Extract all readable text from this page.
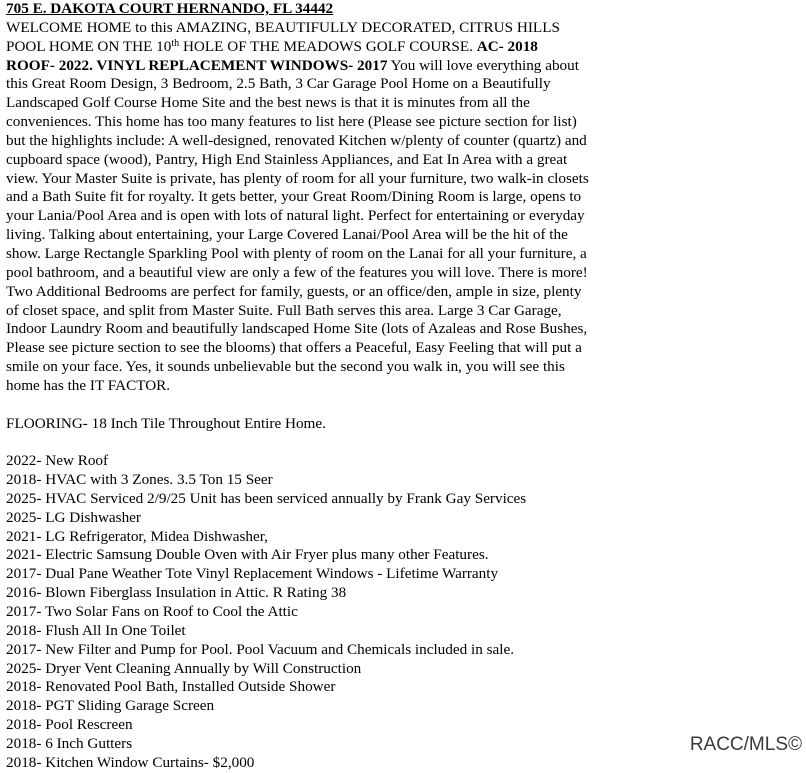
705 E. DAKOTA COURT HERNANDO, FL 34442

WELCOME HOME to this AMAZING, BEAUTIFULLY DECORATED, CITRUS HILLS

POOL HOME ON THE 10th HOLE OF THE MEADOWS GOLF COURSE. AC- 2018

ROOF- 2022. VINYL REPLACEMENT WINDOWS- 2017 You will love everything about

this Great Room Design, 3 Bedroom, 2.5 Bath, 3 Car Garage Pool Home on a Beautifully

Landscaped Golf Course Home Site and the best news is that it is minutes from all the

conveniences. This home has too many features to list here (Please see picture section for list)

but the highlights include: A well-designed, renovated Kitchen w/plenty of counter (quartz) and

cupboard space (wood), Pantry, High End Stainless Appliances, and Eat In Area with a great

view. Your Master Suite is private, has plenty of room for all your furniture, two walk-in closets

and a Bath Suite fit for royalty. It gets better, your Great Room/Dining Room is large, opens to

your Lania/Pool Area and is open with lots of natural light. Perfect for entertaining or everyday

living. Talking about entertaining, your Large Covered Lanai/Pool Area will be the hit of the

show. Large Rectangle Sparkling Pool with plenty of room on the Lanai for all your furniture, a

pool bathroom, and a beautiful view are only a few of the features you will love. There is more!

Two Additional Bedrooms are perfect for family, guests, or an office/den, ample in size, plenty

of closet space, and split from Master Suite. Full Bath serves this area. Large 3 Car Garage,

Indoor Laundry Room and beautifully landscaped Home Site (lots of Azaleas and Rose Bushes,

Please see picture section to see the blooms) that offers a Peaceful, Easy Feeling that will put a

smile on your face. Yes, it sounds unbelievable but the second you walk in, you will see this

home has the IT FACTOR.

FLOORING- 18 Inch Tile Throughout Entire Home.
2022- New Roof
2018- HVAC with 3 Zones. 3.5 Ton 15 Seer
2025- HVAC Serviced 2/9/25 Unit has been serviced annually by Frank Gay Services
2025- LG Dishwasher
2021- LG Refrigerator, Midea Dishwasher,
2021- Electric Samsung Double Oven with Air Fryer plus many other Features.
2017- Dual Pane Weather Tote Vinyl Replacement Windows - Lifetime Warranty
2016- Blown Fiberglass Insulation in Attic. R Rating 38
2017- Two Solar Fans on Roof to Cool the Attic
2018- Flush All In One Toilet
2017- New Filter and Pump for Pool. Pool Vacuum and Chemicals included in sale.
2025- Dryer Vent Cleaning Annually by Will Construction
2018- Renovated Pool Bath, Installed Outside Shower
2018- PGT Sliding Garage Screen
2018- Pool Rescreen
2018- 6 Inch Gutters
2018- Kitchen Window Curtains- $2,000
RACC/MLS©
